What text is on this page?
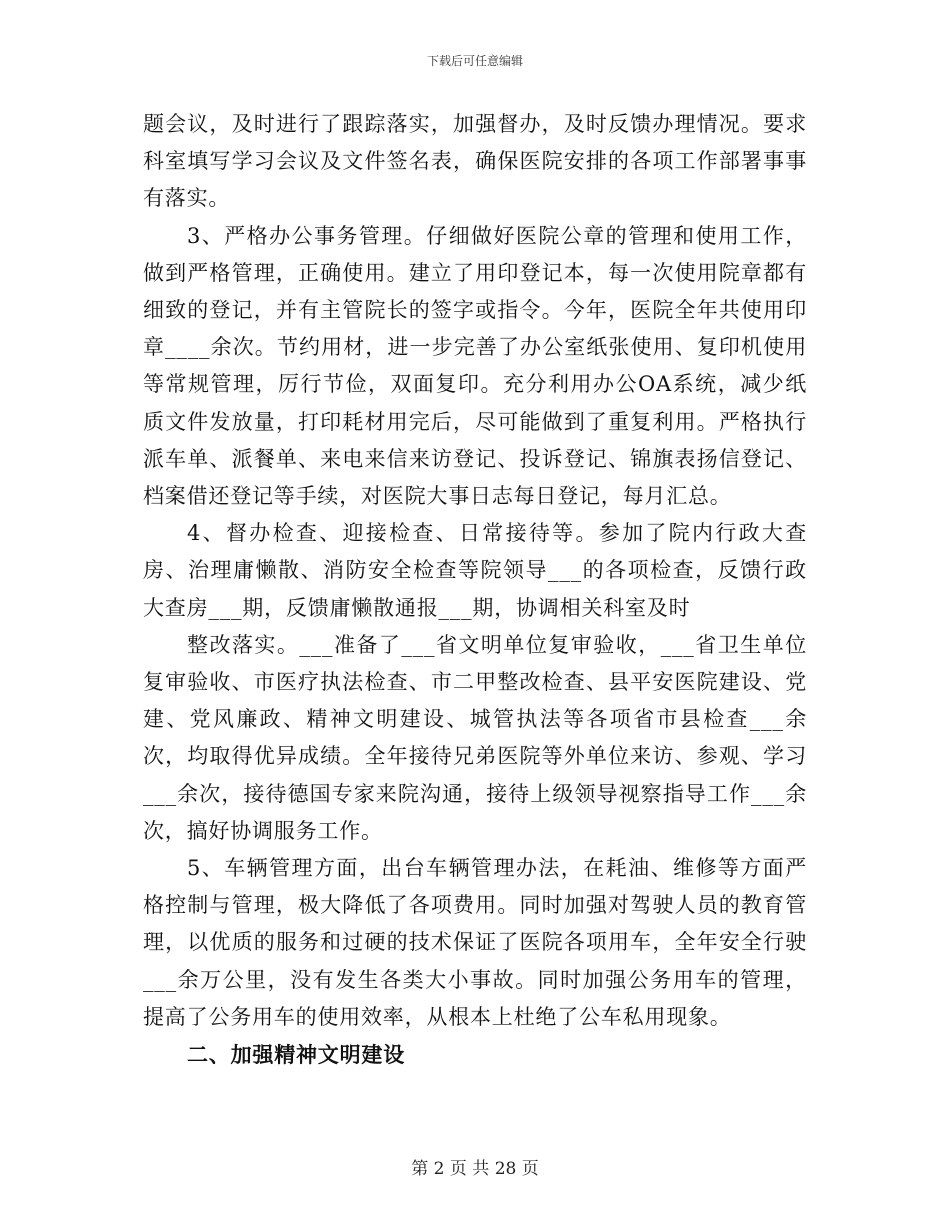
下载后可任意编辑

题会议，及时进行了跟踪落实，加强督办，及时反馈办理情况。要求科室填写学习会议及文件签名表，确保医院安排的各项工作部署事事有落实。

3、严格办公事务管理。仔细做好医院公章的管理和使用工作，做到严格管理，正确使用。建立了用印登记本，每一次使用院章都有细致的登记，并有主管院长的签字或指令。今年，医院全年共使用印章____余次。节约用材，进一步完善了办公室纸张使用、复印机使用等常规管理，厉行节俭，双面复印。充分利用办公OA系统，减少纸质文件发放量，打印耗材用完后，尽可能做到了重复利用。严格执行派车单、派餐单、来电来信来访登记、投诉登记、锦旗表扬信登记、档案借还登记等手续，对医院大事日志每日登记，每月汇总。

4、督办检查、迎接检查、日常接待等。参加了院内行政大查房、治理庸懒散、消防安全检查等院领导___的各项检查，反馈行政大查房___期，反馈庸懒散通报___期，协调相关科室及时

整改落实。___准备了___省文明单位复审验收，___省卫生单位复审验收、市医疗执法检查、市二甲整改检查、县平安医院建设、党建、党风廉政、精神文明建设、城管执法等各项省市县检查___余次，均取得优异成绩。全年接待兄弟医院等外单位来访、参观、学习___余次，接待德国专家来院沟通，接待上级领导视察指导工作___余次，搞好协调服务工作。

5、车辆管理方面，出台车辆管理办法，在耗油、维修等方面严格控制与管理，极大降低了各项费用。同时加强对驾驶人员的教育管理，以优质的服务和过硬的技术保证了医院各项用车，全年安全行驶___余万公里，没有发生各类大小事故。同时加强公务用车的管理，提高了公务用车的使用效率，从根本上杜绝了公车私用现象。

二、加强精神文明建设
第 2 页 共 28 页
